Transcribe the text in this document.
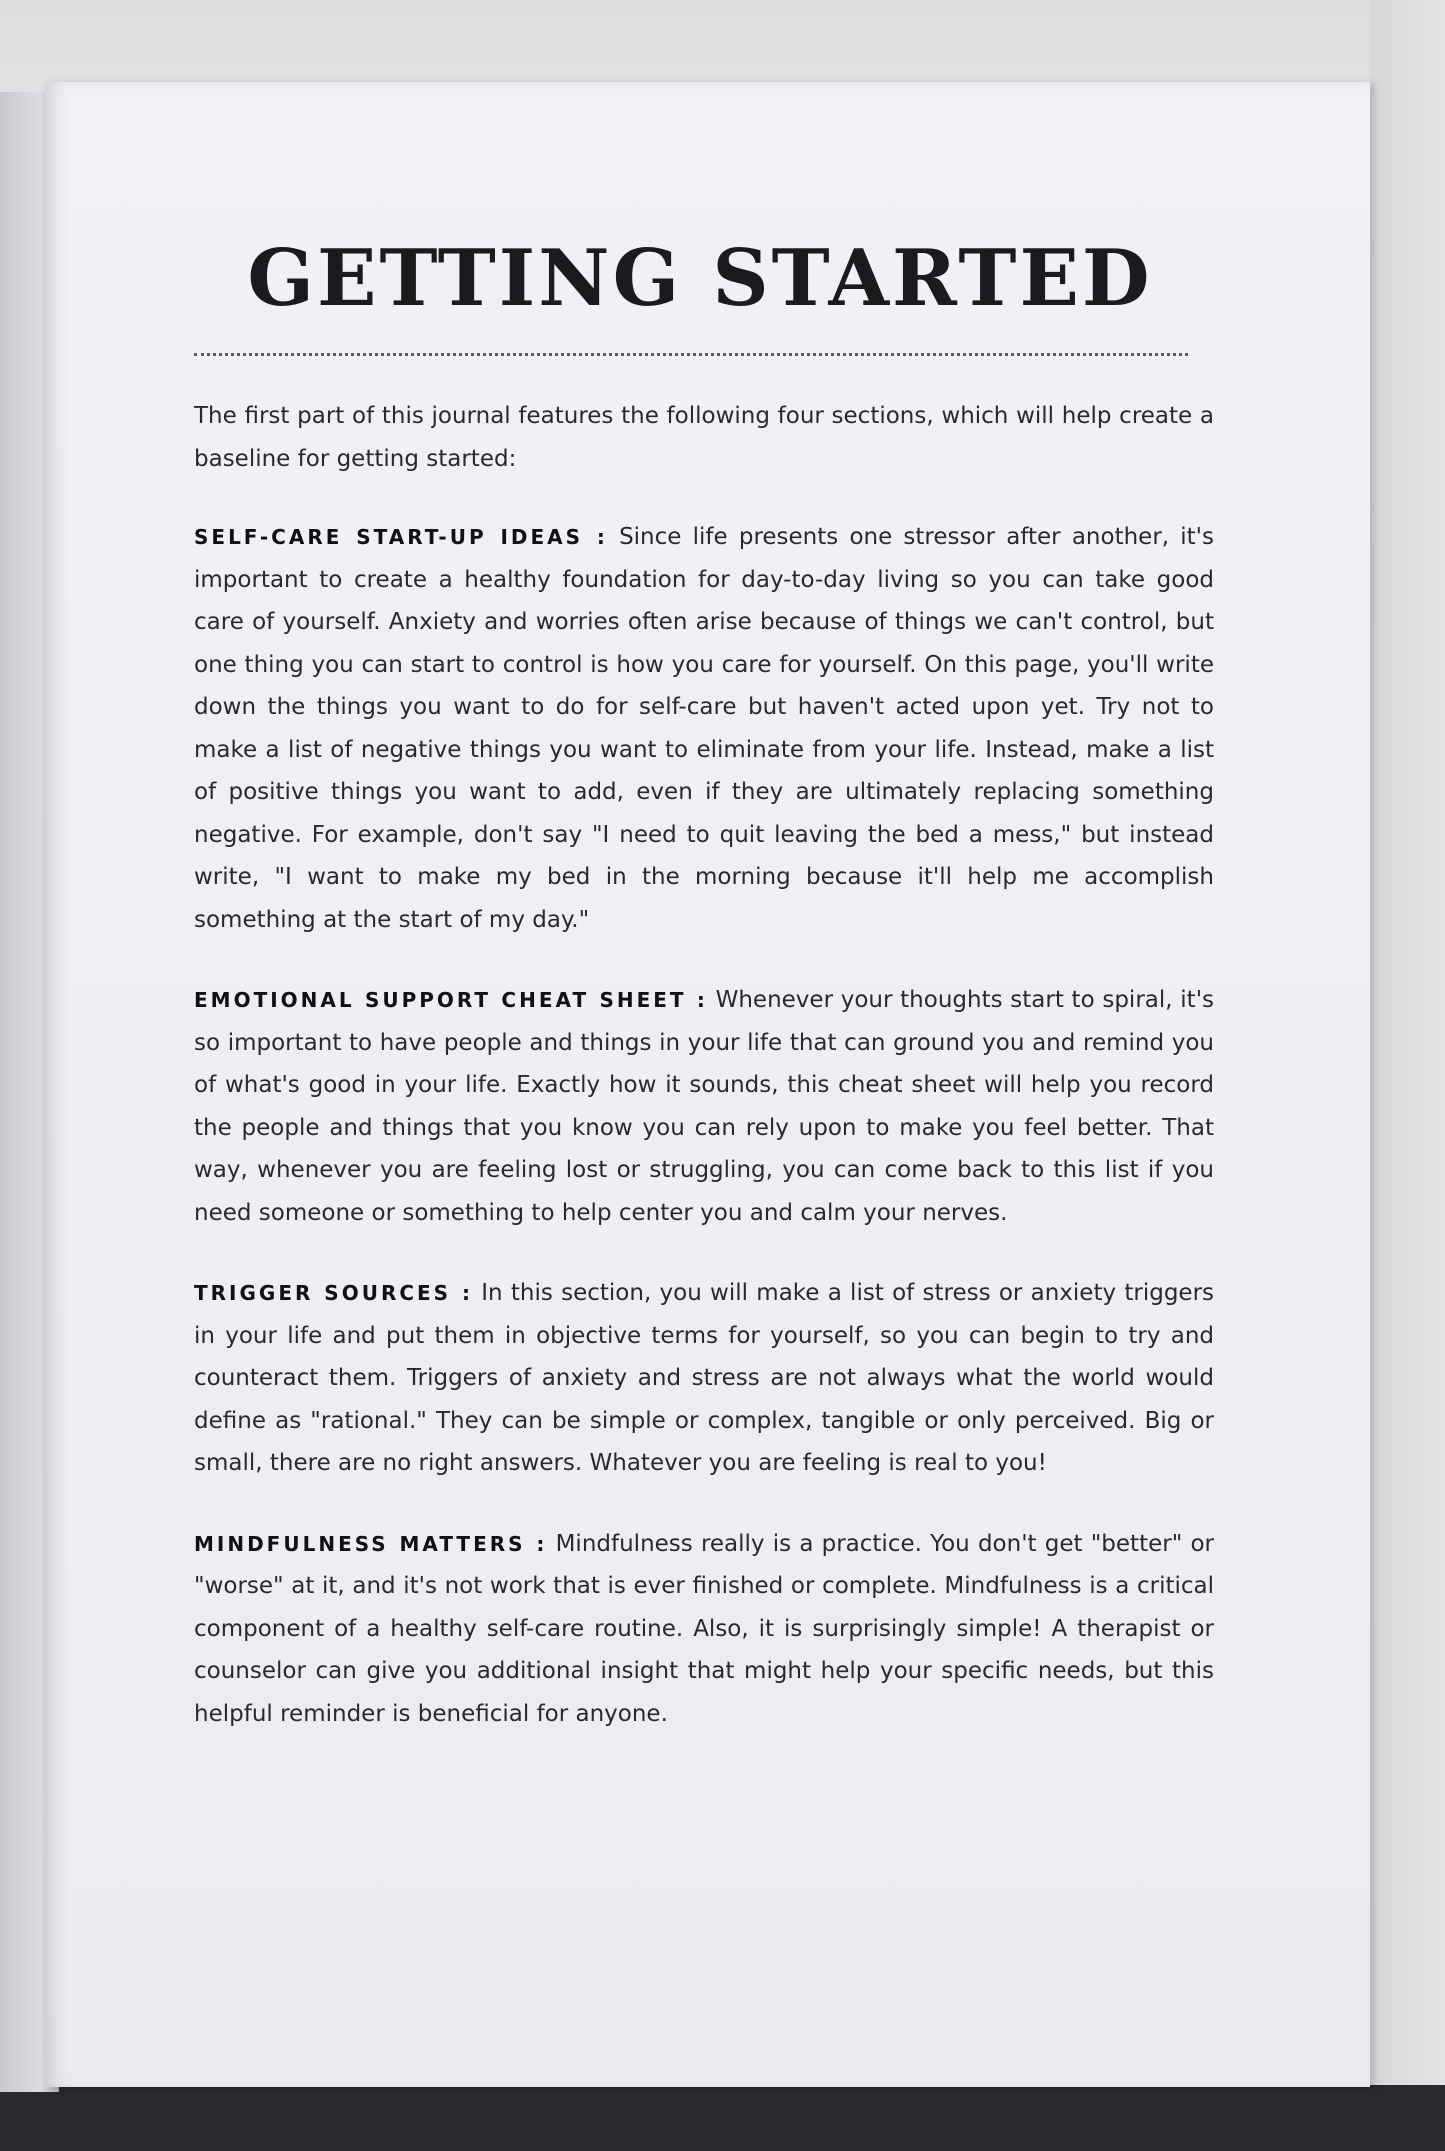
GETTING STARTED

The first part of this journal features the following four sections, which will help create a baseline for getting started:

SELF-CARE START-UP IDEAS : Since life presents one stressor after another, it's important to create a healthy foundation for day-to-day living so you can take good care of yourself. Anxiety and worries often arise because of things we can't control, but one thing you can start to control is how you care for yourself. On this page, you'll write down the things you want to do for self-care but haven't acted upon yet. Try not to make a list of negative things you want to eliminate from your life. Instead, make a list of positive things you want to add, even if they are ultimately replacing something negative. For example, don't say "I need to quit leaving the bed a mess," but instead write, "I want to make my bed in the morning because it'll help me accomplish something at the start of my day."

EMOTIONAL SUPPORT CHEAT SHEET : Whenever your thoughts start to spiral, it's so important to have people and things in your life that can ground you and remind you of what's good in your life. Exactly how it sounds, this cheat sheet will help you record the people and things that you know you can rely upon to make you feel better. That way, whenever you are feeling lost or struggling, you can come back to this list if you need someone or something to help center you and calm your nerves.

TRIGGER SOURCES : In this section, you will make a list of stress or anxiety triggers in your life and put them in objective terms for yourself, so you can begin to try and counteract them. Triggers of anxiety and stress are not always what the world would define as "rational." They can be simple or complex, tangible or only perceived. Big or small, there are no right answers. Whatever you are feeling is real to you!

MINDFULNESS MATTERS : Mindfulness really is a practice. You don't get "better" or "worse" at it, and it's not work that is ever finished or complete. Mindfulness is a critical component of a healthy self-care routine. Also, it is surprisingly simple! A therapist or counselor can give you additional insight that might help your specific needs, but this helpful reminder is beneficial for anyone.
